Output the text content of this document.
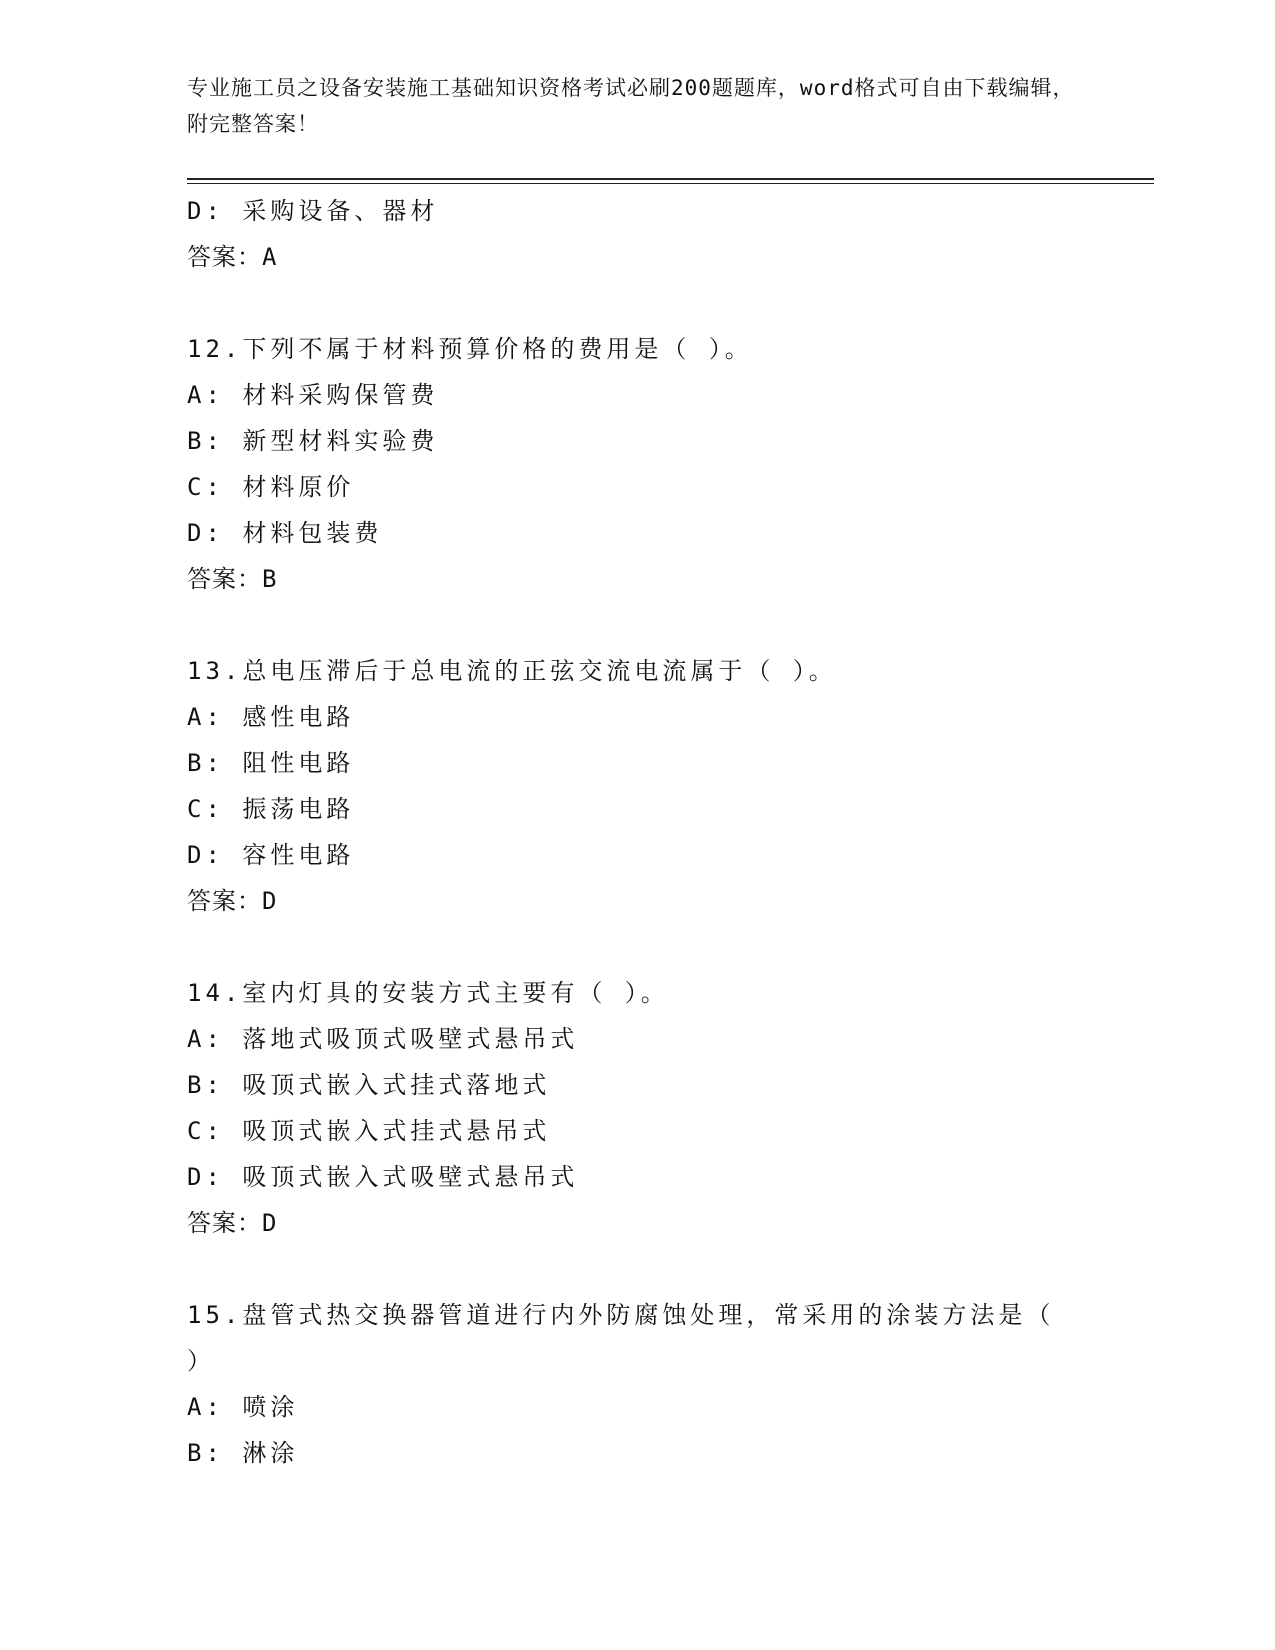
专业施工员之设备安装施工基础知识资格考试必刷200题题库，word格式可自由下载编辑，附完整答案！
D: 采购设备、器材
答案：A
12.下列不属于材料预算价格的费用是（ ）。
A: 材料采购保管费
B: 新型材料实验费
C: 材料原价
D: 材料包装费
答案：B
13.总电压滞后于总电流的正弦交流电流属于（ ）。
A: 感性电路
B: 阻性电路
C: 振荡电路
D: 容性电路
答案：D
14.室内灯具的安装方式主要有（ ）。
A: 落地式吸顶式吸壁式悬吊式
B: 吸顶式嵌入式挂式落地式
C: 吸顶式嵌入式挂式悬吊式
D: 吸顶式嵌入式吸壁式悬吊式
答案：D
15.盘管式热交换器管道进行内外防腐蚀处理，常采用的涂装方法是（
）
A: 喷涂
B: 淋涂
